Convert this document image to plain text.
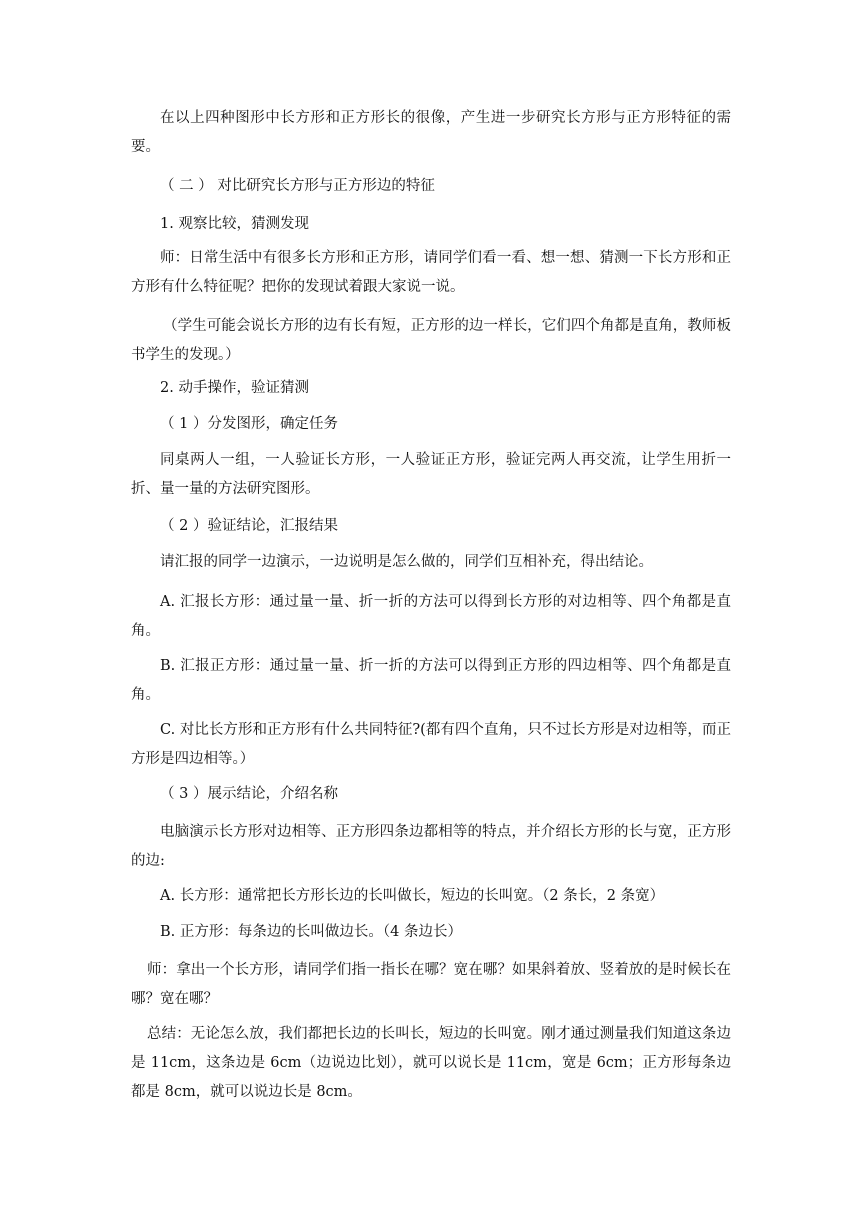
在以上四种图形中长方形和正方形长的很像，产生进一步研究长方形与正方形特征的需要。

（ 二 ） 对比研究长方形与正方形边的特征

1. 观察比较，猜测发现

师：日常生活中有很多长方形和正方形，请同学们看一看、想一想、猜测一下长方形和正方形有什么特征呢？把你的发现试着跟大家说一说。

（学生可能会说长方形的边有长有短，正方形的边一样长，它们四个角都是直角，教师板书学生的发现。）

2. 动手操作，验证猜测

（ 1 ）分发图形，确定任务

同桌两人一组，一人验证长方形，一人验证正方形，验证完两人再交流，让学生用折一折、量一量的方法研究图形。

（ 2 ）验证结论，汇报结果

请汇报的同学一边演示，一边说明是怎么做的，同学们互相补充，得出结论。

A. 汇报长方形：通过量一量、折一折的方法可以得到长方形的对边相等、四个角都是直角。

B. 汇报正方形：通过量一量、折一折的方法可以得到正方形的四边相等、四个角都是直角。

C. 对比长方形和正方形有什么共同特征?(都有四个直角，只不过长方形是对边相等，而正方形是四边相等。）

（ 3 ）展示结论，介绍名称

电脑演示长方形对边相等、正方形四条边都相等的特点，并介绍长方形的长与宽，正方形的边:

A. 长方形：通常把长方形长边的长叫做长，短边的长叫宽。（2 条长，2 条宽）

B. 正方形：每条边的长叫做边长。（4 条边长）

师：拿出一个长方形，请同学们指一指长在哪？宽在哪？如果斜着放、竖着放的是时候长在哪？宽在哪？

总结：无论怎么放，我们都把长边的长叫长，短边的长叫宽。刚才通过测量我们知道这条边是 11cm，这条边是 6cm（边说边比划），就可以说长是 11cm，宽是 6cm；正方形每条边都是 8cm，就可以说边长是 8cm。
